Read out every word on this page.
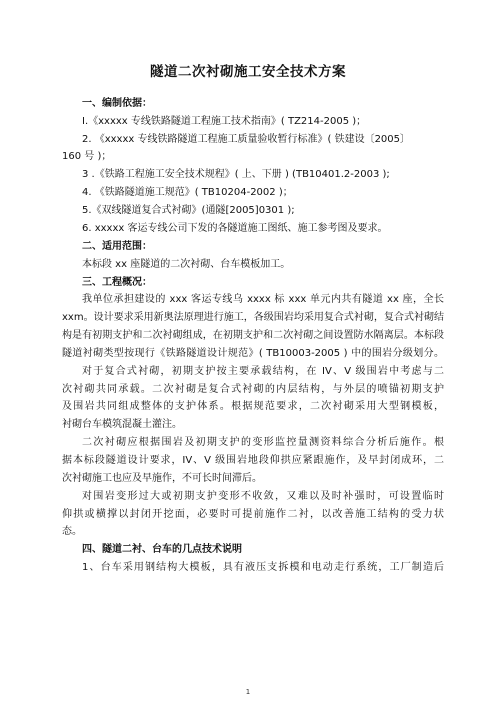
隧道二次衬砌施工安全技术方案
一、编制依据：
Ⅰ.《xxxxx 专线铁路隧道工程施工技术指南》( TZ214-2005 )；
2. 《xxxxx 专线铁路隧道工程施工质量验收暂行标准》( 铁建设〔2005〕
160 号 )；
3 .《铁路工程施工安全技术规程》( 上、下册 ) (TB10401.2-2003 );
4. 《铁路隧道施工规范》( TB10204-2002 )；
5.《双线隧道复合式衬砌》(通隧[2005]0301 );
6. xxxxx 客运专线公司下发的各隧道施工图纸、施工参考图及要求。
二、适用范围：
本标段 xx 座隧道的二次衬砌、台车模板加工。
三、工程概况：
我单位承担建设的 xxx 客运专线乌 xxxx 标 xxx 单元内共有隧道 xx 座，全长
xxm。设计要求采用新奥法原理进行施工，各级围岩均采用复合式衬砌，复合式衬砌结
构是有初期支护和二次衬砌组成，在初期支护和二次衬砌之间设置防水隔离层。本标段
隧道衬砌类型按现行《铁路隧道设计规范》( TB10003-2005 ) 中的围岩分级划分。
对于复合式衬砌，初期支护按主要承载结构，在 IV、V 级围岩中考虑与二
次衬砌共同承载。二次衬砌是复合式衬砌的内层结构，与外层的喷锚初期支护
及围岩共同组成整体的支护体系。根据规范要求，二次衬砌采用大型钢模板，
衬砌台车模筑混凝土灌注。
二次衬砌应根据围岩及初期支护的变形监控量测资料综合分析后施作。根
据本标段隧道设计要求，IV、V 级围岩地段仰拱应紧跟施作，及早封闭成环，二
次衬砌施工也应及早施作，不可长时间滞后。
对围岩变形过大或初期支护变形不收敛，又难以及时补强时，可设置临时
仰拱或横撑以封闭开挖面，必要时可提前施作二衬，以改善施工结构的受力状
态。
四、隧道二衬、台车的几点技术说明
1、台车采用钢结构大模板，具有液压支拆模和电动走行系统，工厂制造后
1
